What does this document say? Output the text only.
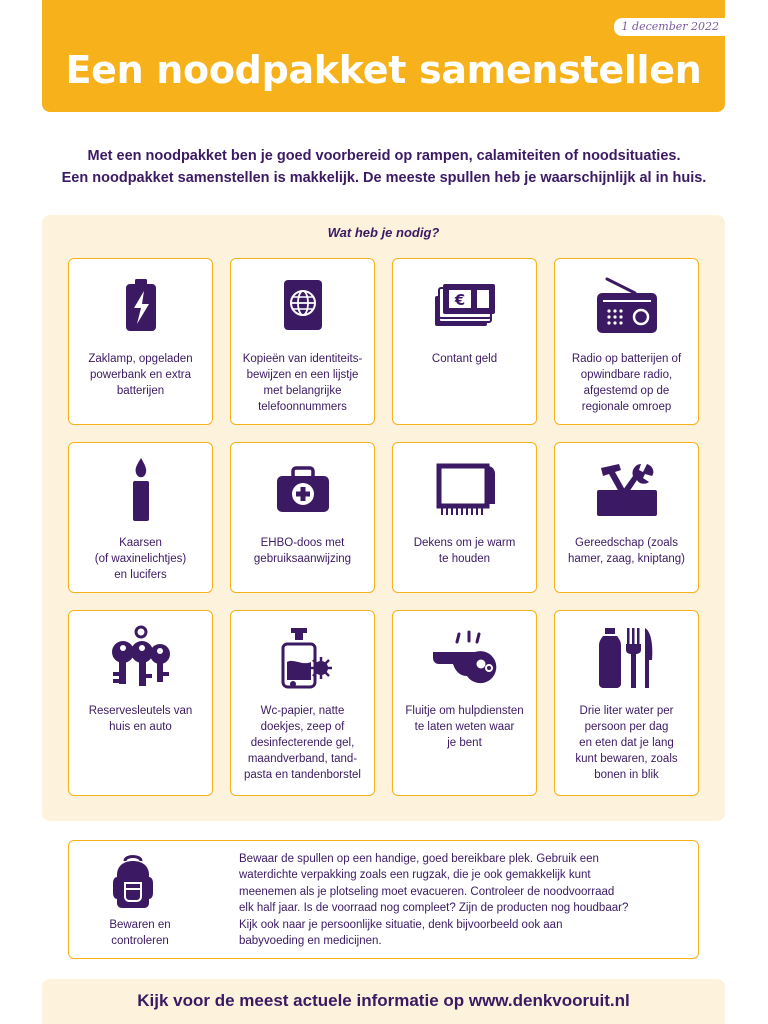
1 december 2022
Een noodpakket samenstellen
Met een noodpakket ben je goed voorbereid op rampen, calamiteiten of noodsituaties.
Een noodpakket samenstellen is makkelijk. De meeste spullen heb je waarschijnlijk al in huis.
Wat heb je nodig?
Zaklamp, opgeladen
powerbank en extra
batterijen
Kopieën van identiteits-
bewijzen en een lijstje
met belangrijke
telefoonnummers
€
Contant geld	Radio op batterijen of
opwindbare radio,
afgestemd op de
regionale omroep
Kaarsen
(of waxinelichtjes)
en lucifers
EHBO-doos met
gebruiksaanwijzing
Dekens om je warm
te houden
Gereedschap (zoals
hamer, zaag, kniptang)
Reservesleutels van
huis en auto
Wc-papier, natte
doekjes, zeep of
desinfecterende gel,
maandverband, tand-
pasta en tandenborstel
Fluitje om hulpdiensten
te laten weten waar
je bent
Drie liter water per
persoon per dag
en eten dat je lang
kunt bewaren, zoals
bonen in blik
Bewaren en
controleren
Bewaar de spullen op een handige, goed bereikbare plek. Gebruik een
waterdichte verpakking zoals een rugzak, die je ook gemakkelijk kunt
meenemen als je plotseling moet evacueren. Controleer de noodvoorraad
elk half jaar. Is de voorraad nog compleet? Zijn de producten nog houdbaar?
Kijk ook naar je persoonlijke situatie, denk bijvoorbeeld ook aan
babyvoeding en medicijnen.
Kijk voor de meest actuele informatie op www.denkvooruit.nl
